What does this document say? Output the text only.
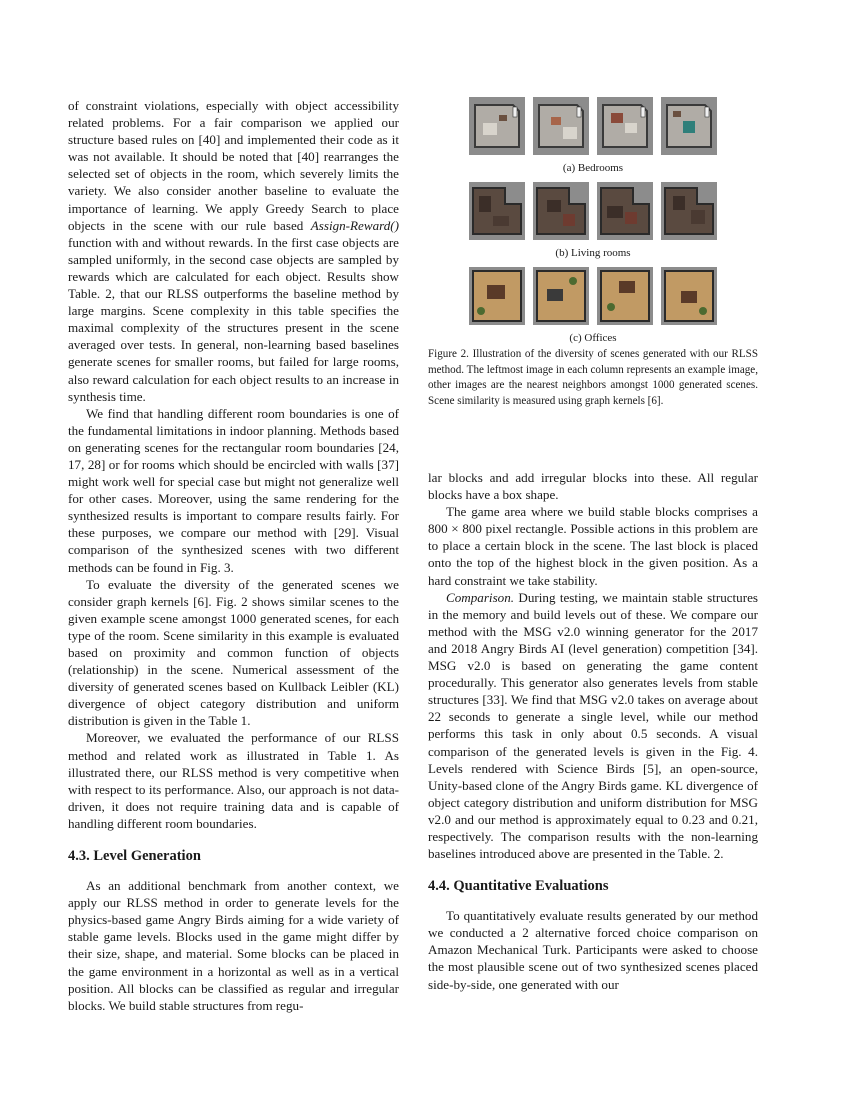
of constraint violations, especially with object accessibility related problems. For a fair comparison we applied our structure based rules on [40] and implemented their code as it was not available. It should be noted that [40] rearranges the selected set of objects in the room, which severely limits the variety. We also consider another baseline to evaluate the importance of learning. We apply Greedy Search to place objects in the scene with our rule based Assign-Reward() function with and without rewards. In the first case objects are sampled uniformly, in the second case objects are sampled by rewards which are calculated for each object. Results show Table. 2, that our RLSS outperforms the baseline method by large margins. Scene complexity in this table specifies the maximal complexity of the structures present in the scene averaged over tests. In general, non-learning based baselines generate scenes for smaller rooms, but failed for large rooms, also reward calculation for each object results to an increase in synthesis time.

We find that handling different room boundaries is one of the fundamental limitations in indoor planning. Methods based on generating scenes for the rectangular room boundaries [24, 17, 28] or for rooms which should be encircled with walls [37] might work well for special case but might not generalize well for other cases. Moreover, using the same rendering for the synthesized results is important to compare results fairly. For these purposes, we compare our method with [29]. Visual comparison of the synthesized scenes with two different methods can be found in Fig. 3.

To evaluate the diversity of the generated scenes we consider graph kernels [6]. Fig. 2 shows similar scenes to the given example scene amongst 1000 generated scenes, for each type of the room. Scene similarity in this example is evaluated based on proximity and common function of objects (relationship) in the scene. Numerical assessment of the diversity of generated scenes based on Kullback Leibler (KL) divergence of object category distribution and uniform distribution is given in the Table 1.

Moreover, we evaluated the performance of our RLSS method and related work as illustrated in Table 1. As illustrated there, our RLSS method is very competitive when with respect to its performance. Also, our approach is not data-driven, it does not require training data and is capable of handling different room boundaries.

4.3. Level Generation

As an additional benchmark from another context, we apply our RLSS method in order to generate levels for the physics-based game Angry Birds aiming for a wide variety of stable game levels. Blocks used in the game might differ by their size, shape, and material. Some blocks can be placed in the game environment in a horizontal as well as in a vertical position. All blocks can be classified as regular and irregular blocks. We build stable structures from regu-

(a) Bedrooms
(b) Living rooms
(c) Offices

Figure 2. Illustration of the diversity of scenes generated with our RLSS method. The leftmost image in each column represents an example image, other images are the nearest neighbors amongst 1000 generated scenes. Scene similarity is measured using graph kernels [6].

lar blocks and add irregular blocks into these. All regular blocks have a box shape.

The game area where we build stable blocks comprises a 800 × 800 pixel rectangle. Possible actions in this problem are to place a certain block in the scene. The last block is placed onto the top of the highest block in the given position. As a hard constraint we take stability.

Comparison. During testing, we maintain stable structures in the memory and build levels out of these. We compare our method with the MSG v2.0 winning generator for the 2017 and 2018 Angry Birds AI (level generation) competition [34]. MSG v2.0 is based on generating the game content procedurally. This generator also generates levels from stable structures [33]. We find that MSG v2.0 takes on average about 22 seconds to generate a single level, while our method performs this task in only about 0.5 seconds. A visual comparison of the generated levels is given in the Fig. 4. Levels rendered with Science Birds [5], an open-source, Unity-based clone of the Angry Birds game. KL divergence of object category distribution and uniform distribution for MSG v2.0 and our method is approximately equal to 0.23 and 0.21, respectively. The comparison results with the non-learning baselines introduced above are presented in the Table. 2.

4.4. Quantitative Evaluations

To quantitatively evaluate results generated by our method we conducted a 2 alternative forced choice comparison on Amazon Mechanical Turk. Participants were asked to choose the most plausible scene out of two synthesized scenes placed side-by-side, one generated with our
